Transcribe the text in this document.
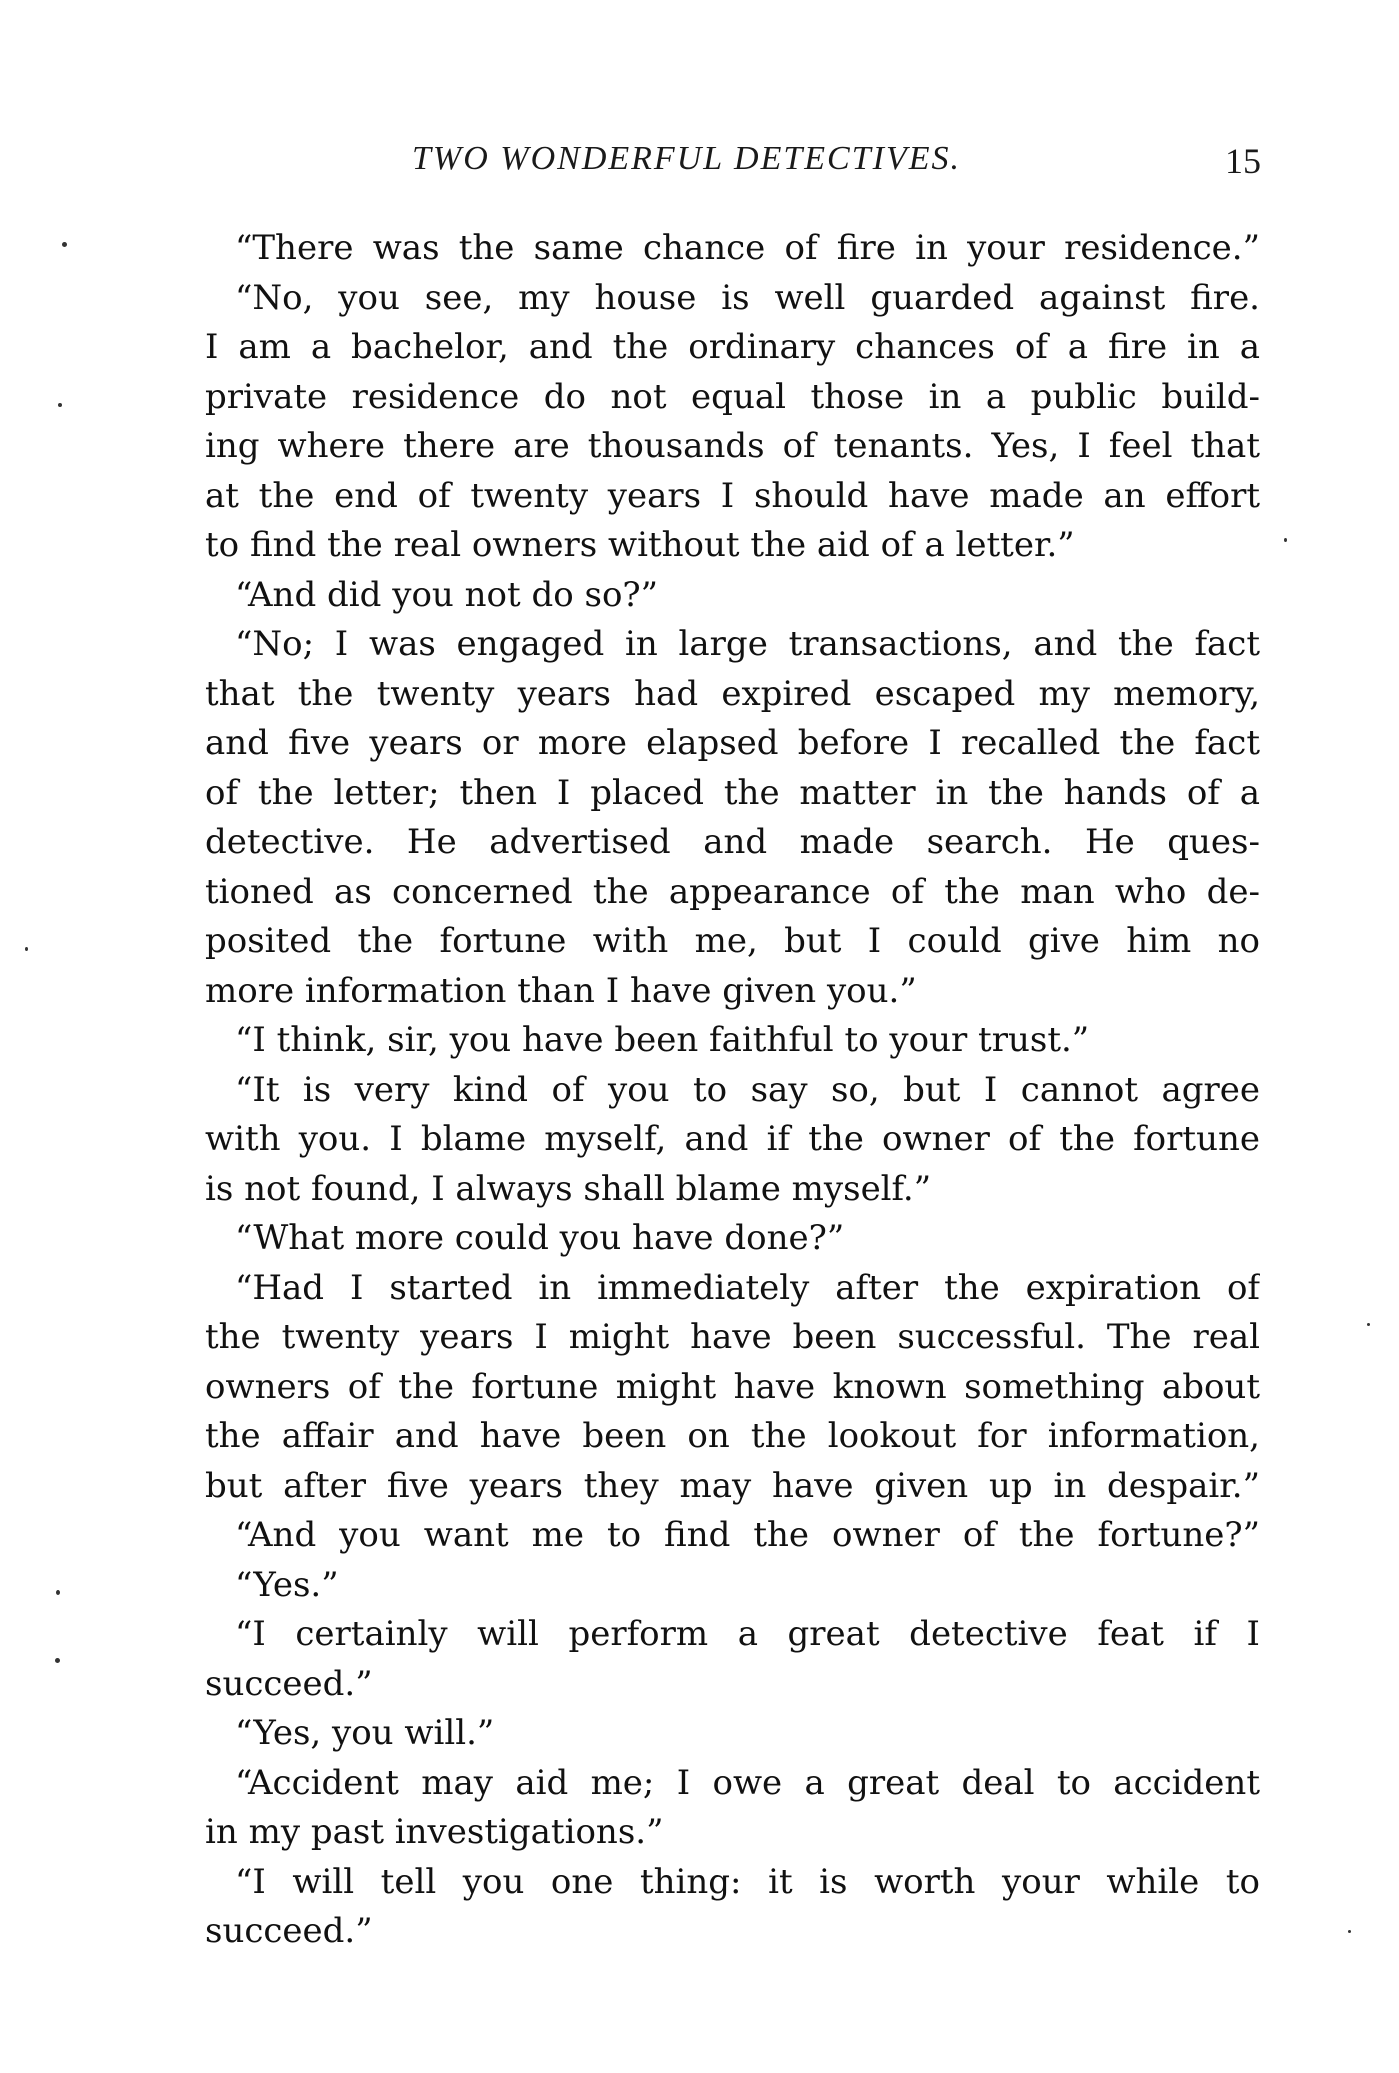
TWO WONDERFUL DETECTIVES.	15
“There was the same chance of fire in your residence.”
“No, you see, my house is well guarded against fire.
I am a bachelor, and the ordinary chances of a fire in a
private residence do not equal those in a public build-
ing where there are thousands of tenants. Yes, I feel that
at the end of twenty years I should have made an effort
to find the real owners without the aid of a letter.”
“And did you not do so?”
“No; I was engaged in large transactions, and the fact
that the twenty years had expired escaped my memory,
and five years or more elapsed before I recalled the fact
of the letter; then I placed the matter in the hands of a
detective. He advertised and made search. He ques-
tioned as concerned the appearance of the man who de-
posited the fortune with me, but I could give him no
more information than I have given you.”
“I think, sir, you have been faithful to your trust.”
“It is very kind of you to say so, but I cannot agree
with you. I blame myself, and if the owner of the fortune
is not found, I always shall blame myself.”
“What more could you have done?”
“Had I started in immediately after the expiration of
the twenty years I might have been successful. The real
owners of the fortune might have known something about
the affair and have been on the lookout for information,
but after five years they may have given up in despair.”
“And you want me to find the owner of the fortune?”
“Yes.”
“I certainly will perform a great detective feat if I
succeed.”
“Yes, you will.”
“Accident may aid me; I owe a great deal to accident
in my past investigations.”
“I will tell you one thing: it is worth your while to
succeed.”
